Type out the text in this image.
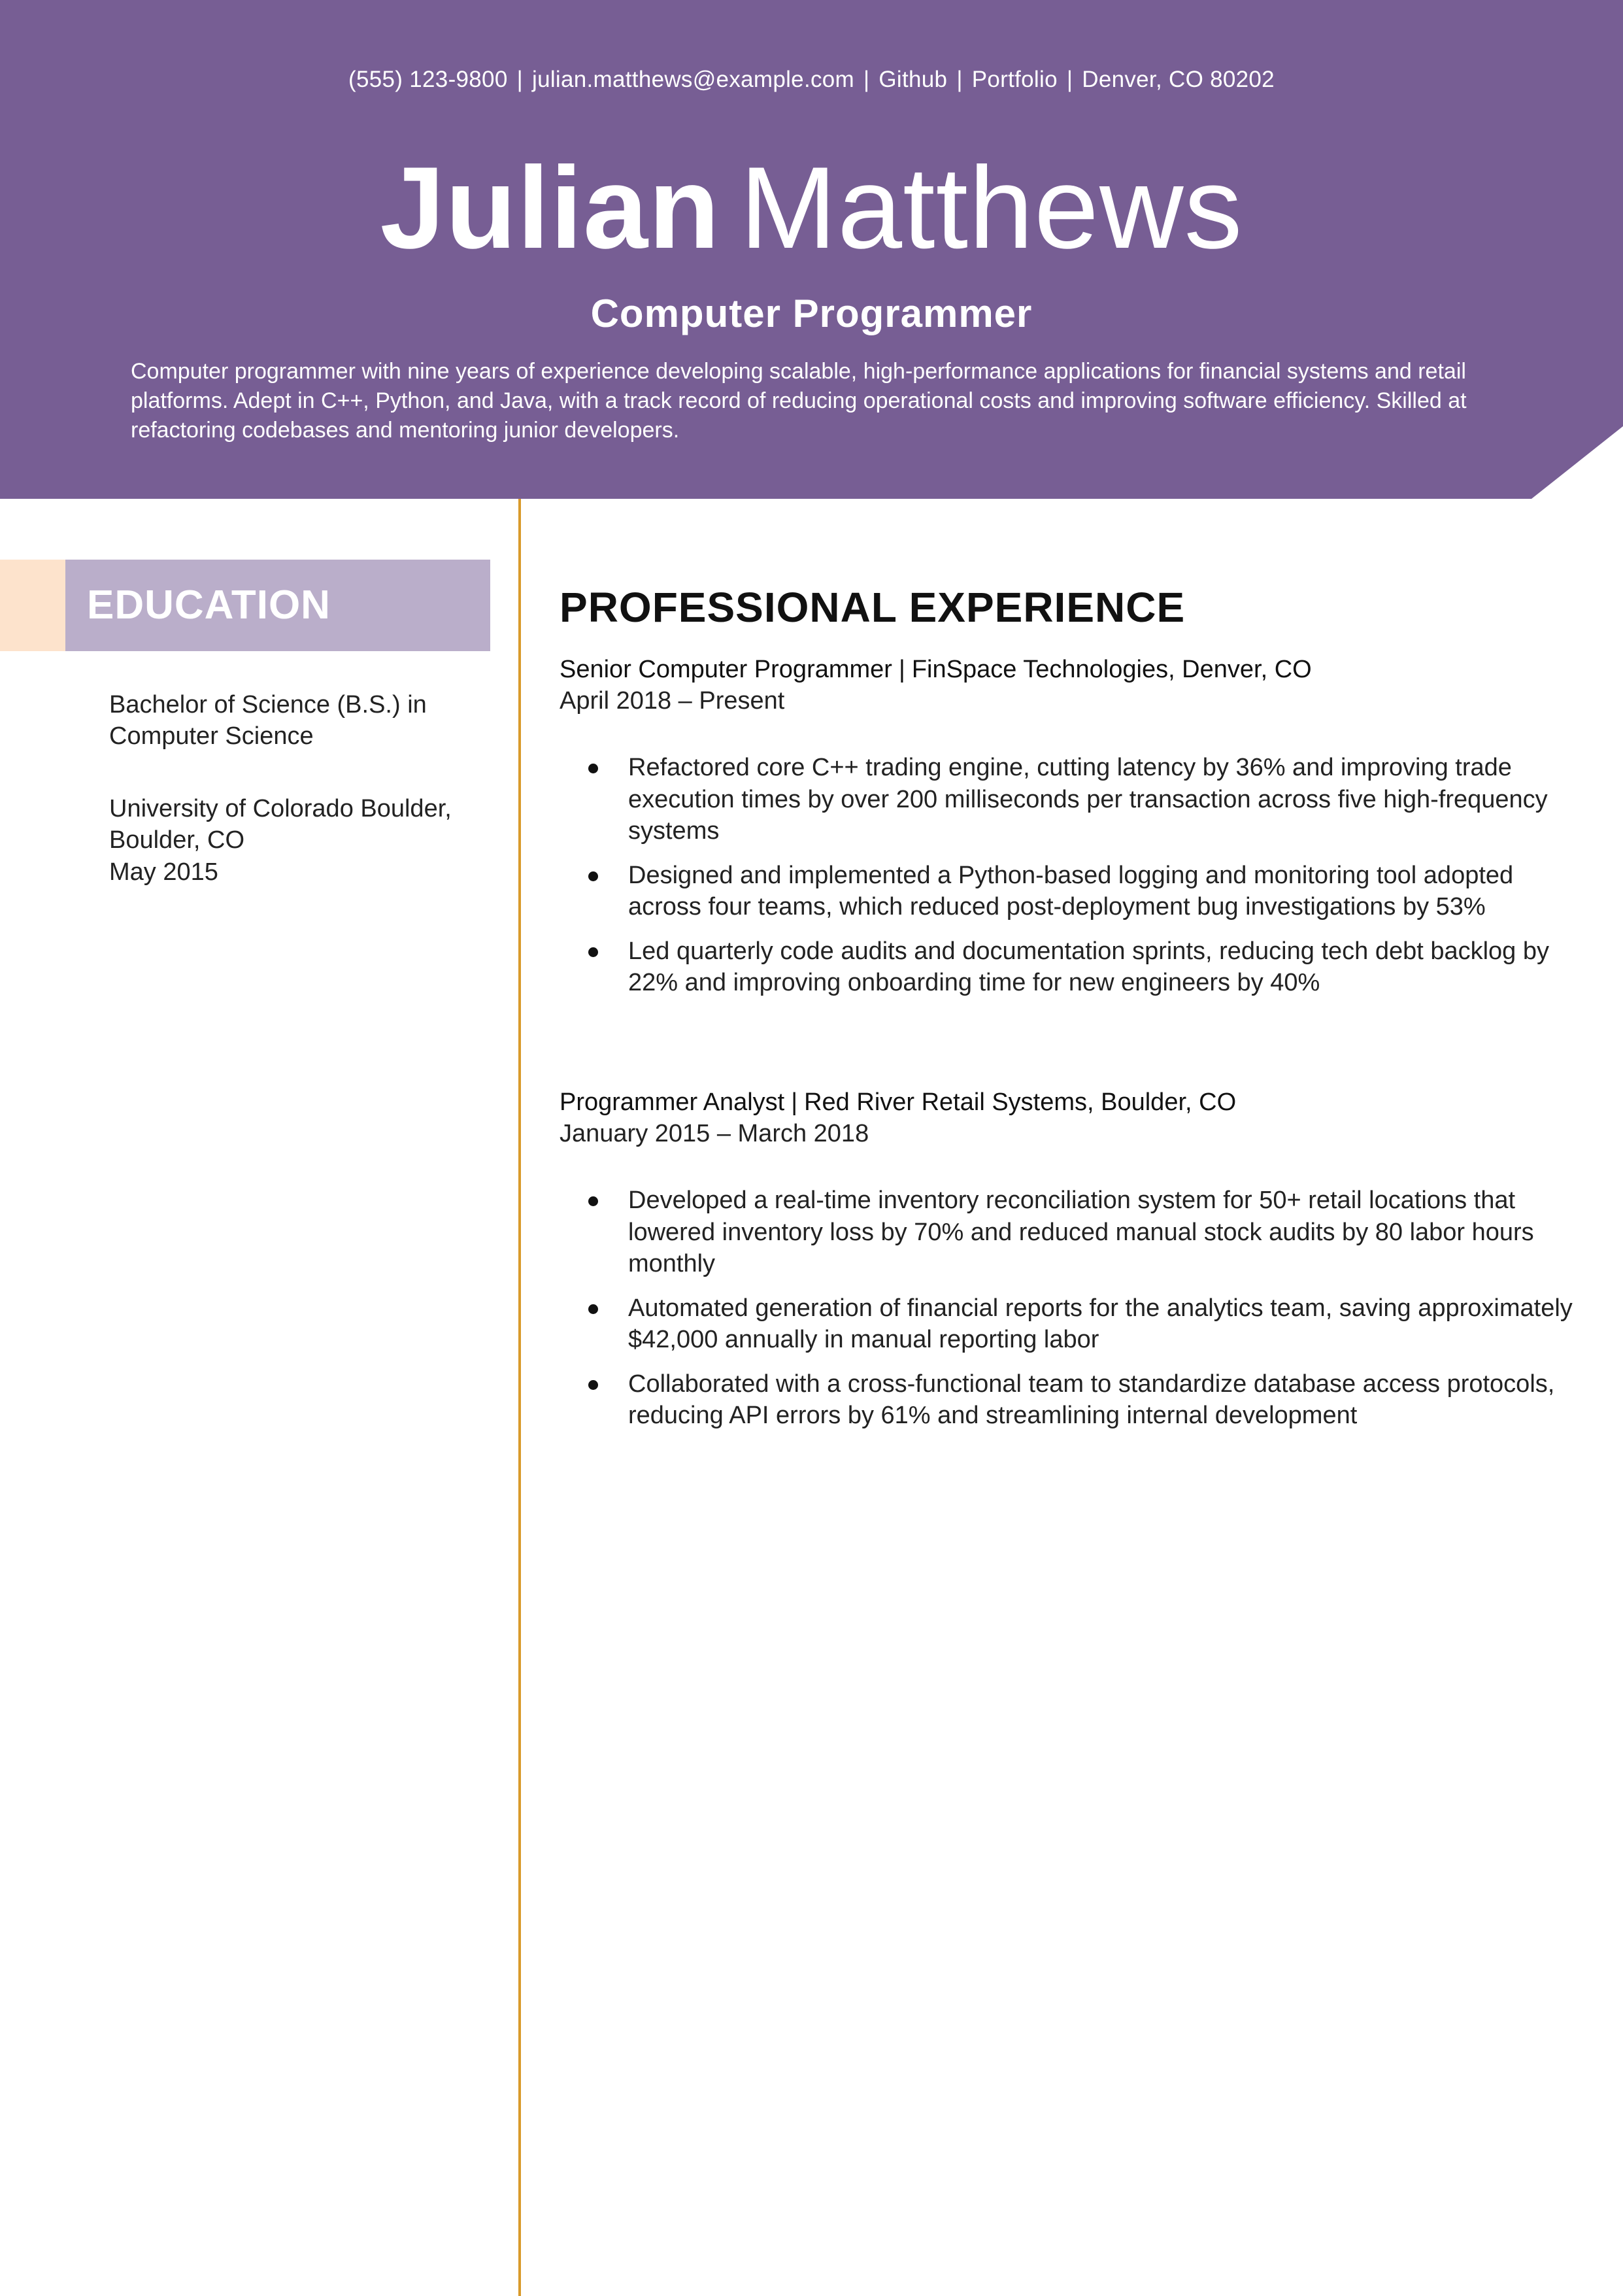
(555) 123-9800 | julian.matthews@example.com | Github | Portfolio | Denver, CO 80202
Julian Matthews
Computer Programmer
Computer programmer with nine years of experience developing scalable, high-performance applications for financial systems and retail platforms. Adept in C++, Python, and Java, with a track record of reducing operational costs and improving software efficiency. Skilled at refactoring codebases and mentoring junior developers.
EDUCATION
Bachelor of Science (B.S.) in Computer Science
University of Colorado Boulder, Boulder, CO
May 2015
PROFESSIONAL EXPERIENCE
Senior Computer Programmer | FinSpace Technologies, Denver, CO
April 2018 – Present
Refactored core C++ trading engine, cutting latency by 36% and improving trade execution times by over 200 milliseconds per transaction across five high-frequency systems
Designed and implemented a Python-based logging and monitoring tool adopted across four teams, which reduced post-deployment bug investigations by 53%
Led quarterly code audits and documentation sprints, reducing tech debt backlog by 22% and improving onboarding time for new engineers by 40%
Programmer Analyst | Red River Retail Systems, Boulder, CO
January 2015 – March 2018
Developed a real-time inventory reconciliation system for 50+ retail locations that lowered inventory loss by 70% and reduced manual stock audits by 80 labor hours monthly
Automated generation of financial reports for the analytics team, saving approximately $42,000 annually in manual reporting labor
Collaborated with a cross-functional team to standardize database access protocols, reducing API errors by 61% and streamlining internal development
